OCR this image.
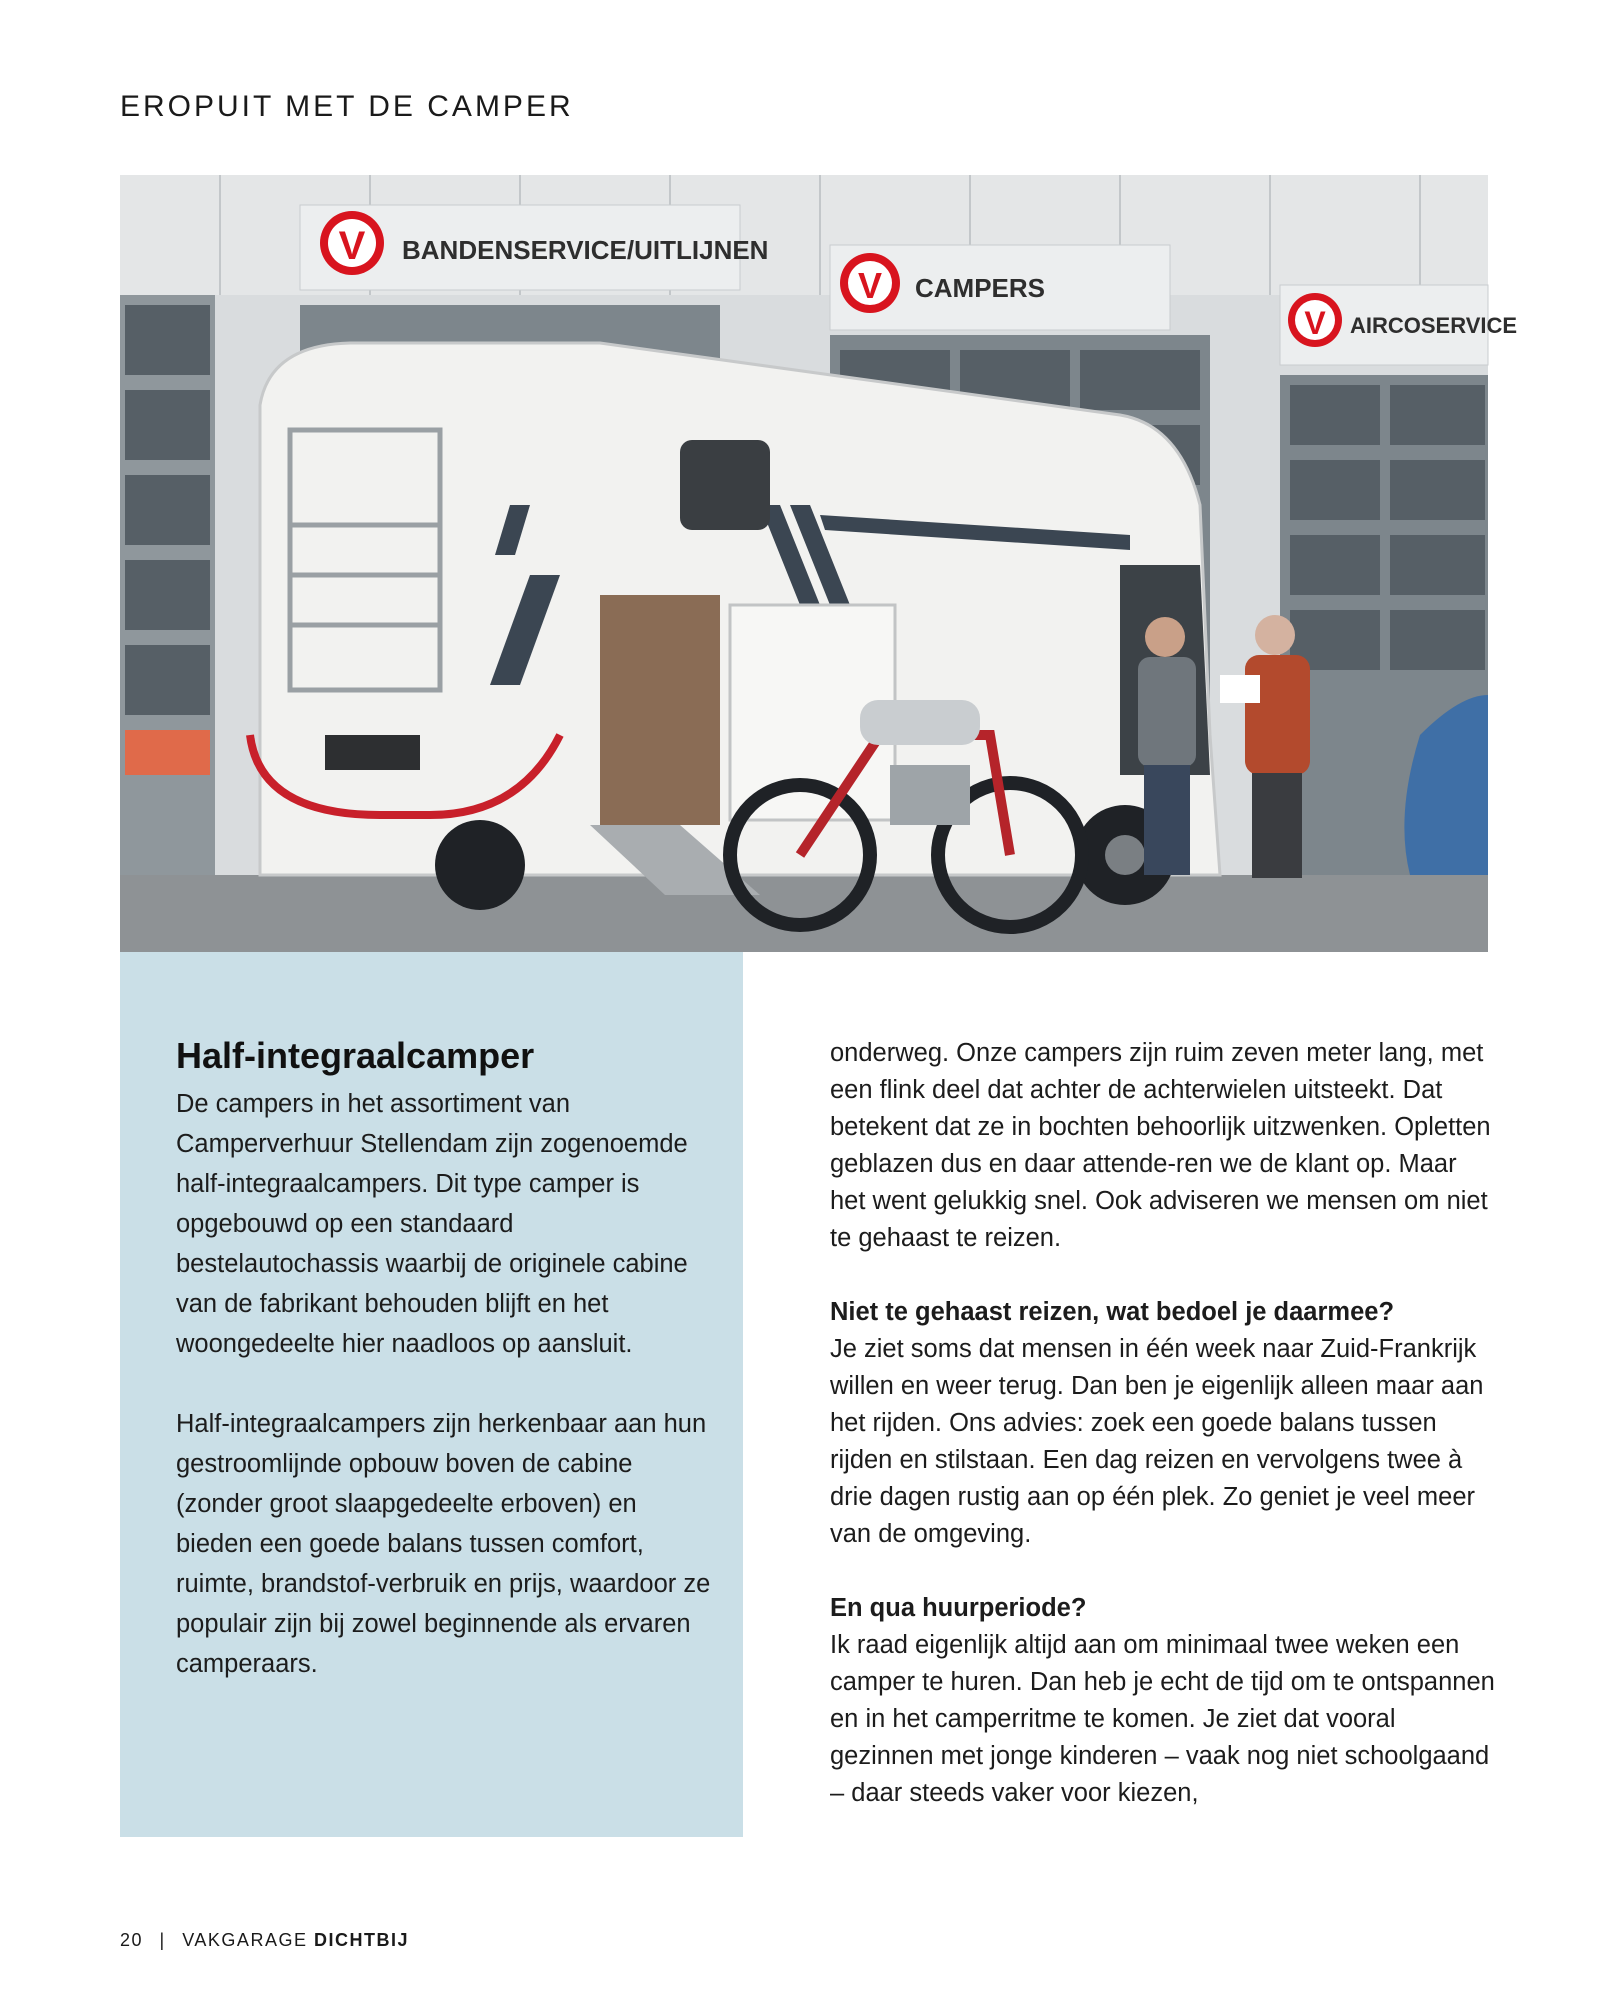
EROPUIT MET DE CAMPER
V BANDENSERVICE/UITLIJNEN
V CAMPERS
V AIRCOSERVICE
Half-integraalcamper

De campers in het assortiment van Camperverhuur Stellendam zijn zogenoemde half-integraalcampers. Dit type camper is opgebouwd op een standaard bestelautochassis waarbij de originele cabine van de fabrikant behouden blijft en het woongedeelte hier naadloos op aansluit.

Half-integraalcampers zijn herkenbaar aan hun gestroomlijnde opbouw boven de cabine (zonder groot slaapgedeelte erboven) en bieden een goede balans tussen comfort, ruimte, brandstof-verbruik en prijs, waardoor ze populair zijn bij zowel beginnende als ervaren camperaars.

onderweg. Onze campers zijn ruim zeven meter lang, met een flink deel dat achter de achterwielen uitsteekt. Dat betekent dat ze in bochten behoorlijk uitzwenken. Opletten geblazen dus en daar attende-ren we de klant op. Maar het went gelukkig snel. Ook adviseren we mensen om niet te gehaast te reizen.

Niet te gehaast reizen, wat bedoel je daarmee?
Je ziet soms dat mensen in één week naar Zuid-Frankrijk willen en weer terug. Dan ben je eigenlijk alleen maar aan het rijden. Ons advies: zoek een goede balans tussen rijden en stilstaan. Een dag reizen en vervolgens twee à drie dagen rustig aan op één plek. Zo geniet je veel meer van de omgeving.

En qua huurperiode?
Ik raad eigenlijk altijd aan om minimaal twee weken een camper te huren. Dan heb je echt de tijd om te ontspannen en in het camperritme te komen. Je ziet dat vooral gezinnen met jonge kinderen – vaak nog niet schoolgaand – daar steeds vaker voor kiezen,

20 | VAKGARAGE DICHTBIJ
